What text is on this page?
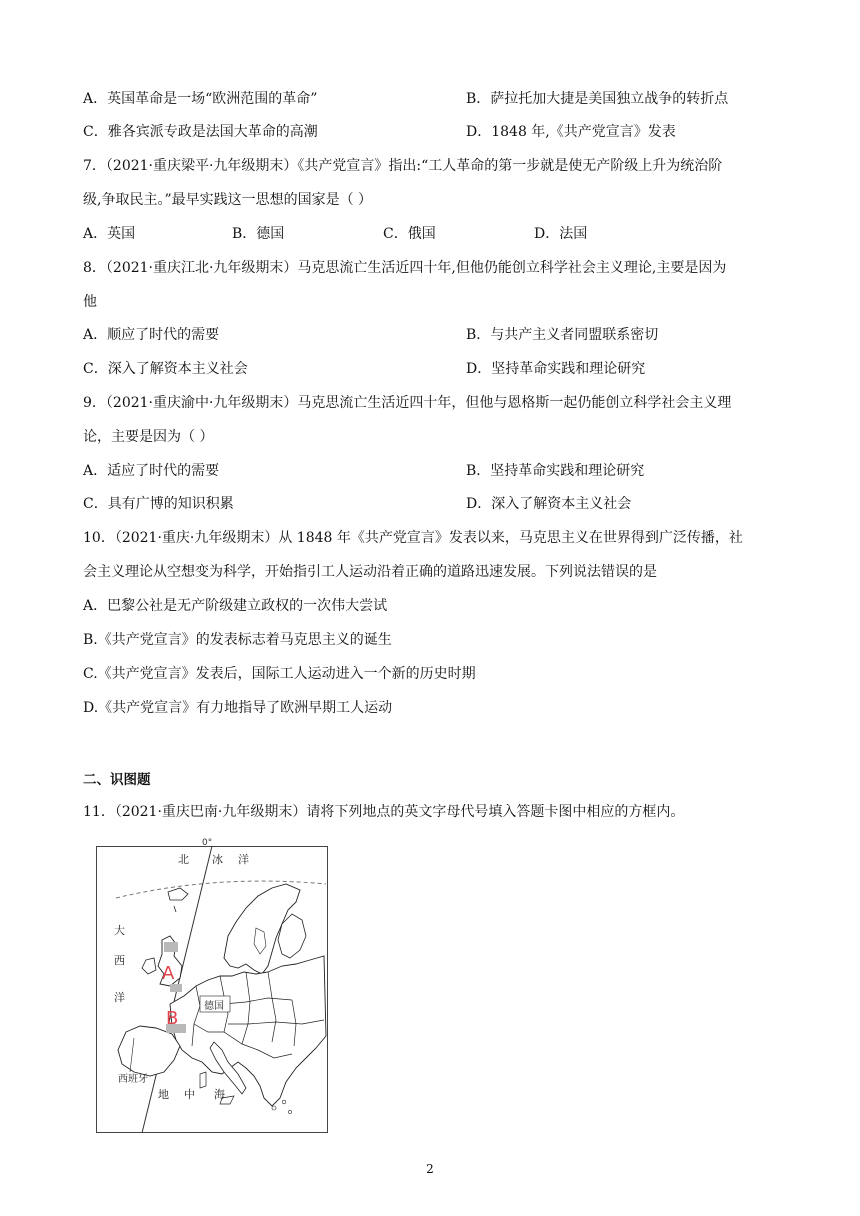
A．英国革命是一场“欧洲范围的革命”	B．萨拉托加大捷是美国独立战争的转折点
C．雅各宾派专政是法国大革命的高潮	D．1848 年,《共产党宣言》发表
7．（2021·重庆梁平·九年级期末）《共产党宣言》指出:“工人革命的第一步就是使无产阶级上升为统治阶
级,争取民主。”最早实践这一思想的国家是（ ）
A．英国	B．德国	C．俄国	D．法国
8．（2021·重庆江北·九年级期末）马克思流亡生活近四十年,但他仍能创立科学社会主义理论,主要是因为
他
A．顺应了时代的需要	B．与共产主义者同盟联系密切
C．深入了解资本主义社会	D．坚持革命实践和理论研究
9．（2021·重庆渝中·九年级期末）马克思流亡生活近四十年，但他与恩格斯一起仍能创立科学社会主义理
论，主要是因为（ ）
A．适应了时代的需要	B．坚持革命实践和理论研究
C．具有广博的知识积累	D．深入了解资本主义社会
10．（2021·重庆·九年级期末）从 1848 年《共产党宣言》发表以来，马克思主义在世界得到广泛传播，社
会主义理论从空想变为科学，开始指引工人运动沿着正确的道路迅速发展。下列说法错误的是
A．巴黎公社是无产阶级建立政权的一次伟大尝试
B.《共产党宣言》的发表标志着马克思主义的诞生
C.《共产党宣言》发表后，国际工人运动进入一个新的历史时期
D.《共产党宣言》有力地指导了欧洲早期工人运动
二、识图题
11．（2021·重庆巴南·九年级期末）请将下列地点的英文字母代号填入答题卡图中相应的方框内。
0°
北 冰 洋
大
西
洋
德国
西班牙
地 中 海
A
B
2
